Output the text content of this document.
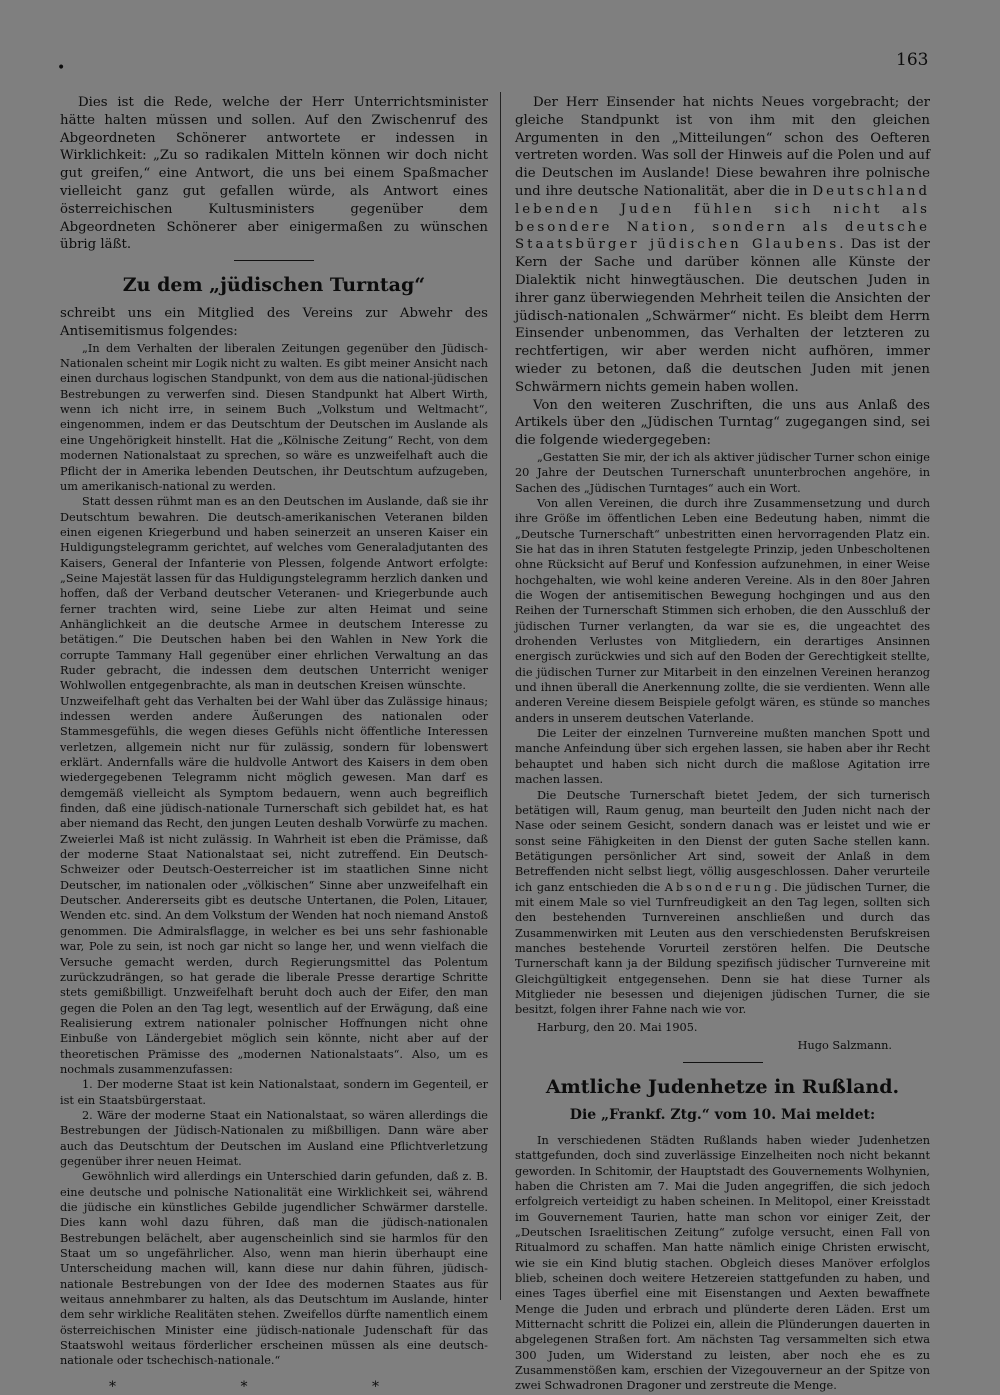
163
•

Dies ist die Rede, welche der Herr Unterrichtsminister hätte halten müssen und sollen. Auf den Zwischenruf des Abgeordneten Schönerer antwortete er indessen in Wirklichkeit: „Zu so radikalen Mitteln können wir doch nicht gut greifen,“ eine Antwort, die uns bei einem Spaßmacher vielleicht ganz gut gefallen würde, als Antwort eines österreichischen Kultusministers gegenüber dem Abgeordneten Schönerer aber einigermaßen zu wünschen übrig läßt.

Zu dem „jüdischen Turntag“

schreibt uns ein Mitglied des Vereins zur Abwehr des Antisemitismus folgendes:

„In dem Verhalten der liberalen Zeitungen gegenüber den Jüdisch-Nationalen scheint mir Logik nicht zu walten. Es gibt meiner Ansicht nach einen durchaus logischen Standpunkt, von dem aus die national-jüdischen Bestrebungen zu verwerfen sind. Diesen Standpunkt hat Albert Wirth, wenn ich nicht irre, in seinem Buch „Volkstum und Weltmacht“, eingenommen, indem er das Deutschtum der Deutschen im Auslande als eine Ungehörigkeit hinstellt. Hat die „Kölnische Zeitung“ Recht, von dem modernen Nationalstaat zu sprechen, so wäre es unzweifelhaft auch die Pflicht der in Amerika lebenden Deutschen, ihr Deutschtum aufzugeben, um amerikanisch-national zu werden.

Statt dessen rühmt man es an den Deutschen im Auslande, daß sie ihr Deutschtum bewahren. Die deutsch-amerikanischen Veteranen bilden einen eigenen Kriegerbund und haben seinerzeit an unseren Kaiser ein Huldigungstelegramm gerichtet, auf welches vom Generaladjutanten des Kaisers, General der Infanterie von Plessen, folgende Antwort erfolgte: „Seine Majestät lassen für das Huldigungstelegramm herzlich danken und hoffen, daß der Verband deutscher Veteranen- und Kriegerbunde auch ferner trachten wird, seine Liebe zur alten Heimat und seine Anhänglichkeit an die deutsche Armee in deutschem Interesse zu betätigen.“ Die Deutschen haben bei den Wahlen in New York die corrupte Tammany Hall gegenüber einer ehrlichen Verwaltung an das Ruder gebracht, die indessen dem deutschen Unterricht weniger Wohlwollen entgegenbrachte, als man in deutschen Kreisen wünschte.

Unzweifelhaft geht das Verhalten bei der Wahl über das Zulässige hinaus; indessen werden andere Äußerungen des nationalen oder Stammesgefühls, die wegen dieses Gefühls nicht öffentliche Interessen verletzen, allgemein nicht nur für zulässig, sondern für lobenswert erklärt. Andernfalls wäre die huldvolle Antwort des Kaisers in dem oben wiedergegebenen Telegramm nicht möglich gewesen. Man darf es demgemäß vielleicht als Symptom bedauern, wenn auch begreiflich finden, daß eine jüdisch-nationale Turnerschaft sich gebildet hat, es hat aber niemand das Recht, den jungen Leuten deshalb Vorwürfe zu machen. Zweierlei Maß ist nicht zulässig. In Wahrheit ist eben die Prämisse, daß der moderne Staat Nationalstaat sei, nicht zutreffend. Ein Deutsch-Schweizer oder Deutsch-Oesterreicher ist im staatlichen Sinne nicht Deutscher, im nationalen oder „völkischen“ Sinne aber unzweifelhaft ein Deutscher. Andererseits gibt es deutsche Untertanen, die Polen, Litauer, Wenden etc. sind. An dem Volkstum der Wenden hat noch niemand Anstoß genommen. Die Admiralsflagge, in welcher es bei uns sehr fashionable war, Pole zu sein, ist noch gar nicht so lange her, und wenn vielfach die Versuche gemacht werden, durch Regierungsmittel das Polentum zurückzudrängen, so hat gerade die liberale Presse derartige Schritte stets gemißbilligt. Unzweifelhaft beruht doch auch der Eifer, den man gegen die Polen an den Tag legt, wesentlich auf der Erwägung, daß eine Realisierung extrem nationaler polnischer Hoffnungen nicht ohne Einbuße von Ländergebiet möglich sein könnte, nicht aber auf der theoretischen Prämisse des „modernen Nationalstaats“. Also, um es nochmals zusammenzufassen:

1. Der moderne Staat ist kein Nationalstaat, sondern im Gegenteil, er ist ein Staatsbürgerstaat.

2. Wäre der moderne Staat ein Nationalstaat, so wären allerdings die Bestrebungen der Jüdisch-Nationalen zu mißbilligen. Dann wäre aber auch das Deutschtum der Deutschen im Ausland eine Pflichtverletzung gegenüber ihrer neuen Heimat.

Gewöhnlich wird allerdings ein Unterschied darin gefunden, daß z. B. eine deutsche und polnische Nationalität eine Wirklichkeit sei, während die jüdische ein künstliches Gebilde jugendlicher Schwärmer darstelle. Dies kann wohl dazu führen, daß man die jüdisch-nationalen Bestrebungen belächelt, aber augenscheinlich sind sie harmlos für den Staat um so ungefährlicher. Also, wenn man hierin überhaupt eine Unterscheidung machen will, kann diese nur dahin führen, jüdisch-nationale Bestrebungen von der Idee des modernen Staates aus für weitaus annehmbarer zu halten, als das Deutschtum im Auslande, hinter dem sehr wirkliche Realitäten stehen. Zweifellos dürfte namentlich einem österreichischen Minister eine jüdisch-nationale Judenschaft für das Staatswohl weitaus förderlicher erscheinen müssen als eine deutsch-nationale oder tschechisch-nationale.“

* * *

Der Herr Einsender hat nichts Neues vorgebracht; der gleiche Standpunkt ist von ihm mit den gleichen Argumenten in den „Mitteilungen“ schon des Oefteren vertreten worden. Was soll der Hinweis auf die Polen und auf die Deutschen im Auslande! Diese bewahren ihre polnische und ihre deutsche Nationalität, aber die in Deutschland lebenden Juden fühlen sich nicht als besondere Nation, sondern als deutsche Staatsbürger jüdischen Glaubens. Das ist der Kern der Sache und darüber können alle Künste der Dialektik nicht hinwegtäuschen. Die deutschen Juden in ihrer ganz überwiegenden Mehrheit teilen die Ansichten der jüdisch-nationalen „Schwärmer“ nicht. Es bleibt dem Herrn Einsender unbenommen, das Verhalten der letzteren zu rechtfertigen, wir aber werden nicht aufhören, immer wieder zu betonen, daß die deutschen Juden mit jenen Schwärmern nichts gemein haben wollen.

Von den weiteren Zuschriften, die uns aus Anlaß des Artikels über den „Jüdischen Turntag“ zugegangen sind, sei die folgende wiedergegeben:

„Gestatten Sie mir, der ich als aktiver jüdischer Turner schon einige 20 Jahre der Deutschen Turnerschaft ununterbrochen angehöre, in Sachen des „Jüdischen Turntages“ auch ein Wort.

Von allen Vereinen, die durch ihre Zusammensetzung und durch ihre Größe im öffentlichen Leben eine Bedeutung haben, nimmt die „Deutsche Turnerschaft“ unbestritten einen hervorragenden Platz ein. Sie hat das in ihren Statuten festgelegte Prinzip, jeden Unbescholtenen ohne Rücksicht auf Beruf und Konfession aufzunehmen, in einer Weise hochgehalten, wie wohl keine anderen Vereine. Als in den 80er Jahren die Wogen der antisemitischen Bewegung hochgingen und aus den Reihen der Turnerschaft Stimmen sich erhoben, die den Ausschluß der jüdischen Turner verlangten, da war sie es, die ungeachtet des drohenden Verlustes von Mitgliedern, ein derartiges Ansinnen energisch zurückwies und sich auf den Boden der Gerechtigkeit stellte, die jüdischen Turner zur Mitarbeit in den einzelnen Vereinen heranzog und ihnen überall die Anerkennung zollte, die sie verdienten. Wenn alle anderen Vereine diesem Beispiele gefolgt wären, es stünde so manches anders in unserem deutschen Vaterlande.

Die Leiter der einzelnen Turnvereine mußten manchen Spott und manche Anfeindung über sich ergehen lassen, sie haben aber ihr Recht behauptet und haben sich nicht durch die maßlose Agitation irre machen lassen.

Die Deutsche Turnerschaft bietet Jedem, der sich turnerisch betätigen will, Raum genug, man beurteilt den Juden nicht nach der Nase oder seinem Gesicht, sondern danach was er leistet und wie er sonst seine Fähigkeiten in den Dienst der guten Sache stellen kann. Betätigungen persönlicher Art sind, soweit der Anlaß in dem Betreffenden nicht selbst liegt, völlig ausgeschlossen. Daher verurteile ich ganz entschieden die Absonderung. Die jüdischen Turner, die mit einem Male so viel Turnfreudigkeit an den Tag legen, sollten sich den bestehenden Turnvereinen anschließen und durch das Zusammenwirken mit Leuten aus den verschiedensten Berufskreisen manches bestehende Vorurteil zerstören helfen. Die Deutsche Turnerschaft kann ja der Bildung spezifisch jüdischer Turnvereine mit Gleichgültigkeit entgegensehen. Denn sie hat diese Turner als Mitglieder nie besessen und diejenigen jüdischen Turner, die sie besitzt, folgen ihrer Fahne nach wie vor.

Harburg, den 20. Mai 1905.
Hugo Salzmann.
Amtliche Judenhetze in Rußland.
Die „Frankf. Ztg.“ vom 10. Mai meldet:

In verschiedenen Städten Rußlands haben wieder Judenhetzen stattgefunden, doch sind zuverlässige Einzelheiten noch nicht bekannt geworden. In Schitomir, der Hauptstadt des Gouvernements Wolhynien, haben die Christen am 7. Mai die Juden angegriffen, die sich jedoch erfolgreich verteidigt zu haben scheinen. In Melitopol, einer Kreisstadt im Gouvernement Taurien, hatte man schon vor einiger Zeit, der „Deutschen Israelitischen Zeitung“ zufolge versucht, einen Fall von Ritualmord zu schaffen. Man hatte nämlich einige Christen erwischt, wie sie ein Kind blutig stachen. Obgleich dieses Manöver erfolglos blieb, scheinen doch weitere Hetzereien stattgefunden zu haben, und eines Tages überfiel eine mit Eisenstangen und Aexten bewaffnete Menge die Juden und erbrach und plünderte deren Läden. Erst um Mitternacht schritt die Polizei ein, allein die Plünderungen dauerten in abgelegenen Straßen fort. Am nächsten Tag versammelten sich etwa 300 Juden, um Widerstand zu leisten, aber noch ehe es zu Zusammenstößen kam, erschien der Vizegouverneur an der Spitze von zwei Schwadronen Dragoner und zerstreute die Menge.
